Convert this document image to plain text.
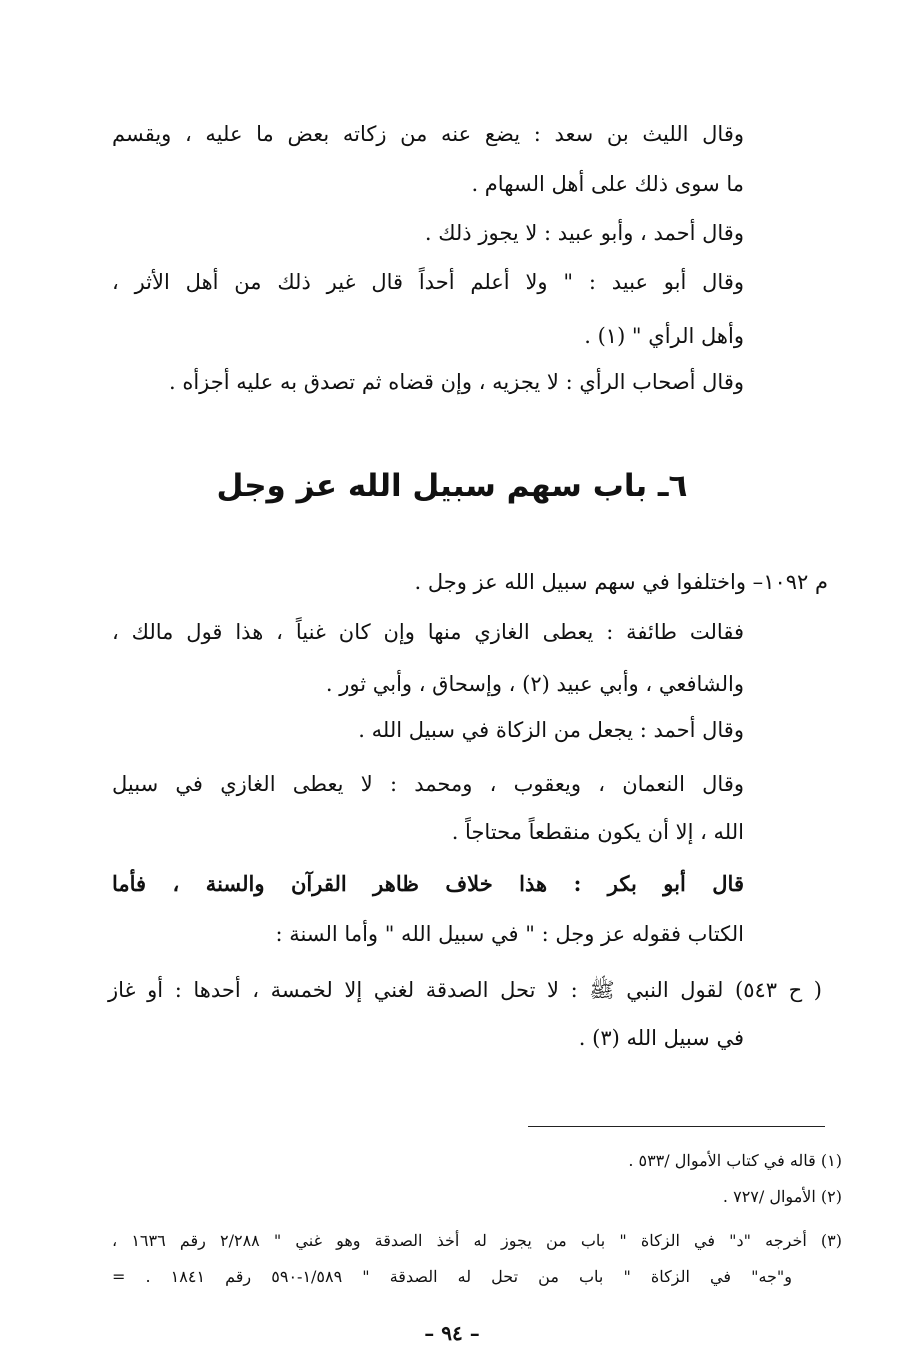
وقال الليث بن سعد : يضع عنه من زكاته بعض ما عليه ، ويقسم
ما سوى ذلك على أهل السهام .
وقال أحمد ، وأبو عبيد : لا يجوز ذلك .
وقال أبو عبيد : " ولا أعلم أحداً قال غير ذلك من أهل الأثر ،
وأهل الرأي " (١) .
وقال أصحاب الرأي : لا يجزيه ، وإن قضاه ثم تصدق به عليه أجزأه .
٦ـ باب سهم سبيل الله عز وجل
م ١٠٩٢– واختلفوا في سهم سبيل الله عز وجل .
فقالت طائفة : يعطى الغازي منها وإن كان غنياً ، هذا قول مالك ،
والشافعي ، وأبي عبيد (٢) ، وإسحاق ، وأبي ثور .
وقال أحمد : يجعل من الزكاة في سبيل الله .
وقال النعمان ، ويعقوب ، ومحمد : لا يعطى الغازي في سبيل
الله ، إلا أن يكون منقطعاً محتاجاً .
قال أبو بكر : هذا خلاف ظاهر القرآن والسنة ، فأما
الكتاب فقوله عز وجل : " في سبيل الله " وأما السنة :
( ح ٥٤٣) لقول النبي ﷺ : لا تحل الصدقة لغني إلا لخمسة ، أحدها : أو غاز
في سبيل الله (٣) .
(١) قاله في كتاب الأموال /٥٣٣ .
(٢) الأموال /٧٢٧ .
(٣) أخرجه "د" في الزكاة " باب من يجوز له أخذ الصدقة وهو غني " ٢/٢٨٨ رقم ١٦٣٦ ،
و"جه" في الزكاة " باب من تحل له الصدقة " ١/٥٨٩-٥٩٠ رقم ١٨٤١ . =
– ٩٤ –
